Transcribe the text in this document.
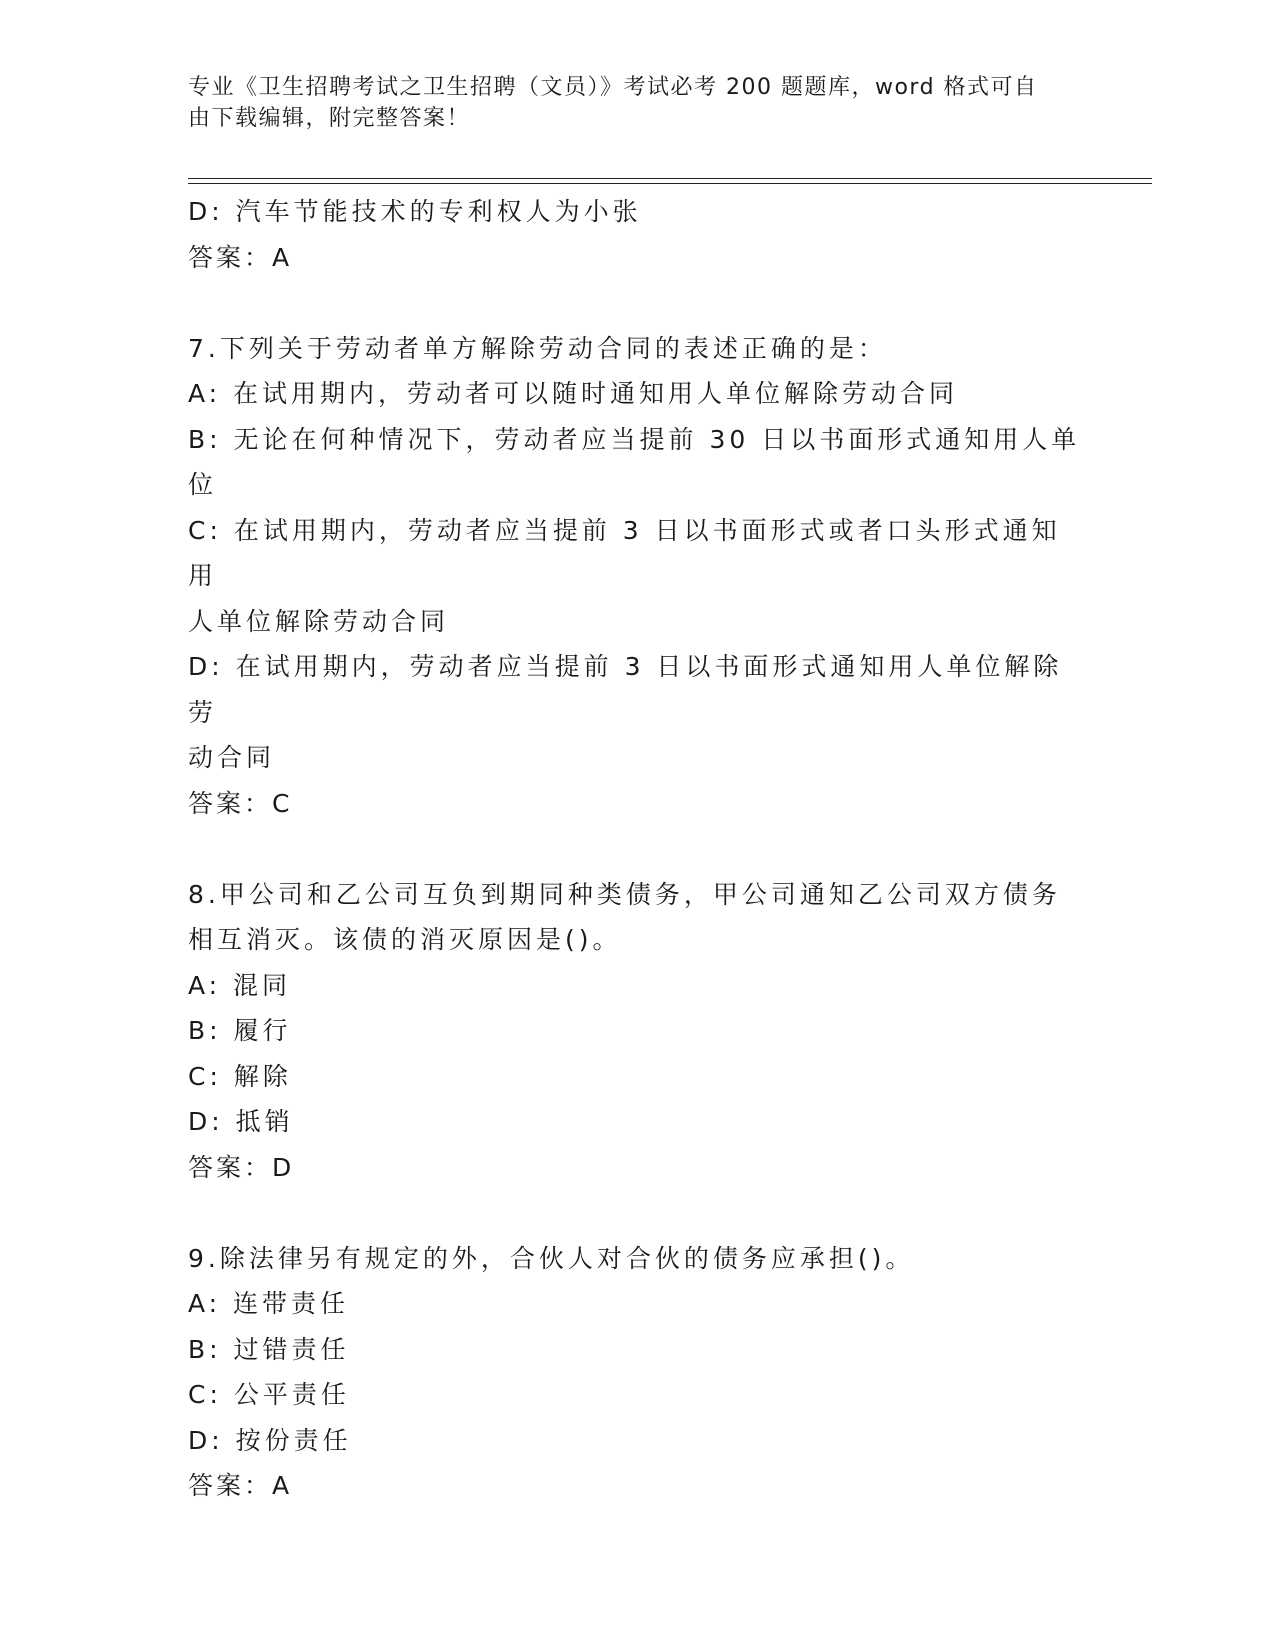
专业《卫生招聘考试之卫生招聘（文员）》考试必考 200 题题库，word 格式可自
由下载编辑，附完整答案！

D: 汽车节能技术的专利权人为小张

答案：A

7.下列关于劳动者单方解除劳动合同的表述正确的是：

A: 在试用期内，劳动者可以随时通知用人单位解除劳动合同

B: 无论在何种情况下，劳动者应当提前 30 日以书面形式通知用人单

位

C: 在试用期内，劳动者应当提前 3 日以书面形式或者口头形式通知用

人单位解除劳动合同

D: 在试用期内，劳动者应当提前 3 日以书面形式通知用人单位解除劳

动合同

答案：C

8.甲公司和乙公司互负到期同种类债务，甲公司通知乙公司双方债务

相互消灭。该债的消灭原因是()。

A: 混同

B: 履行

C: 解除

D: 抵销

答案：D

9.除法律另有规定的外，合伙人对合伙的债务应承担()。

A: 连带责任

B: 过错责任

C: 公平责任

D: 按份责任

答案：A
